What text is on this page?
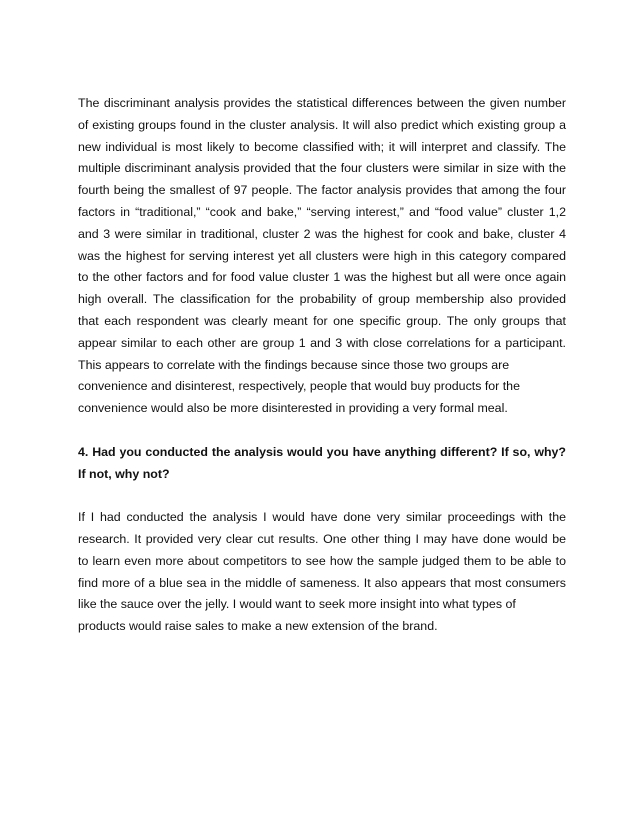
The discriminant analysis provides the statistical differences between the given number
of existing groups found in the cluster analysis. It will also predict which existing group a
new individual is most likely to become classified with; it will interpret and classify. The
multiple discriminant analysis provided that the four clusters were similar in size with the
fourth being the smallest of 97 people. The factor analysis provides that among the four
factors in “traditional,” “cook and bake,” “serving interest,” and “food value” cluster 1,2
and 3 were similar in traditional, cluster 2 was the highest for cook and bake, cluster 4
was the highest for serving interest yet all clusters were high in this category compared
to the other factors and for food value cluster 1 was the highest but all were once again
high overall. The classification for the probability of group membership also provided
that each respondent was clearly meant for one specific group. The only groups that
appear similar to each other are group 1 and 3 with close correlations for a participant.
This appears to correlate with the findings because since those two groups are
convenience and disinterest, respectively, people that would buy products for the
convenience would also be more disinterested in providing a very formal meal.
4. Had you conducted the analysis would you have anything different? If so, why?
If not, why not?
If I had conducted the analysis I would have done very similar proceedings with the
research. It provided very clear cut results. One other thing I may have done would be
to learn even more about competitors to see how the sample judged them to be able to
find more of a blue sea in the middle of sameness. It also appears that most consumers
like the sauce over the jelly. I would want to seek more insight into what types of
products would raise sales to make a new extension of the brand.
